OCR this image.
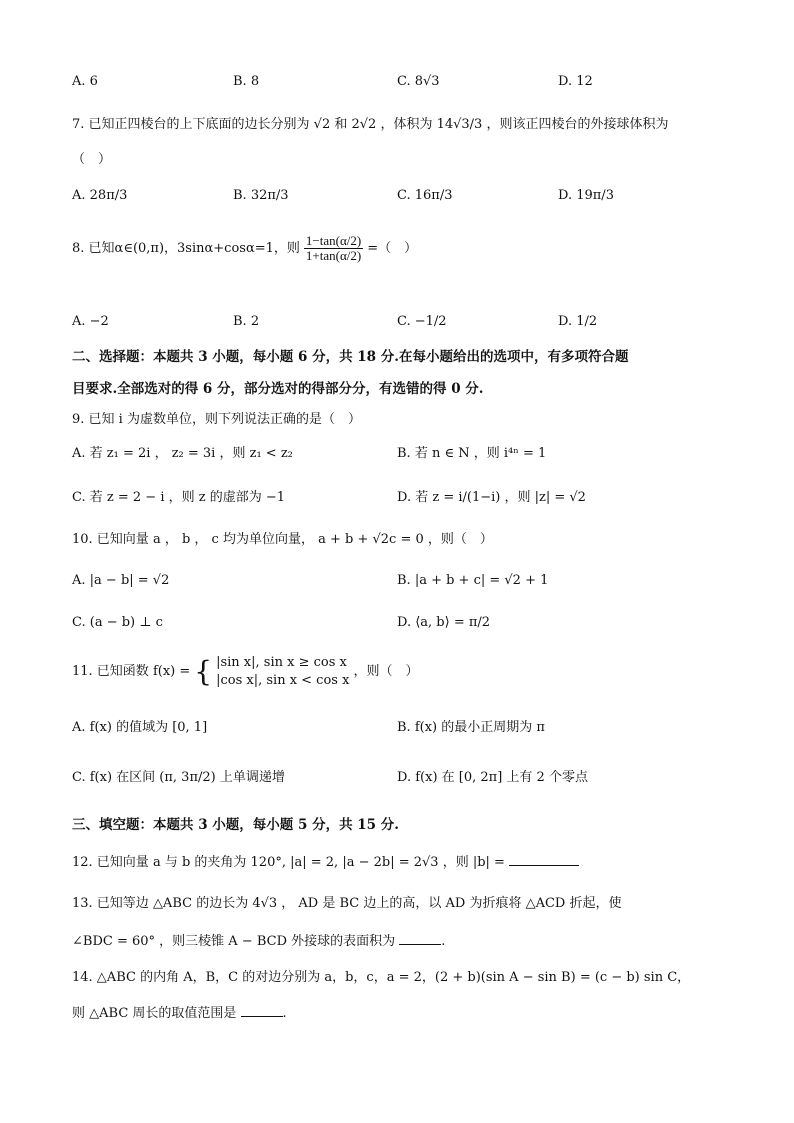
A. 6	B. 8	C. 8√3	D. 12
7. 已知正四棱台的上下底面的边长分别为 √2 和 2√2 ，体积为 14√3/3 ，则该正四棱台的外接球体积为
（　）
A. 28π/3	B. 32π/3	C. 16π/3	D. 19π/3
8. 已知α∈(0,π)，3sinα+cosα=1，则 $\frac{1-\tan(\alpha/2)}{1+\tan(\alpha/2)}$ =（　）
A. −2	B. 2	C. −1/2	D. 1/2
二、选择题：本题共 3 小题，每小题 6 分，共 18 分.在每小题给出的选项中，有多项符合题
目要求.全部选对的得 6 分，部分选对的得部分分，有选错的得 0 分.
9. 已知 i 为虚数单位，则下列说法正确的是（　）
A. 若 z₁ = 2i ， z₂ = 3i ，则 z₁ < z₂	B. 若 n ∈ N ，则 i⁴ⁿ = 1
C. 若 z = 2 − i ，则 z 的虚部为 −1	D. 若 z = i/(1−i) ，则 |z| = √2
10. 已知向量 a ， b ， c 均为单位向量， a + b + √2c = 0 ，则（　）
A. |a − b| = √2	B. |a + b + c| = √2 + 1
C. (a − b) ⊥ c	D. ⟨a, b⟩ = π/2
11. 已知函数 f(x) = { |sin x|, sin x ≥ cos x
|cos x|, sin x < cos x
，则（　）
A. f(x) 的值域为 [0, 1]	B. f(x) 的最小正周期为 π
C. f(x) 在区间 (π, 3π/2) 上单调递增	D. f(x) 在 [0, 2π] 上有 2 个零点
三、填空题：本题共 3 小题，每小题 5 分，共 15 分.
12. 已知向量 a 与 b 的夹角为 120°, |a| = 2, |a − 2b| = 2√3 ，则 |b| =
13. 已知等边 △ABC 的边长为 4√3 ， AD 是 BC 边上的高，以 AD 为折痕将 △ACD 折起，使
∠BDC = 60° ，则三棱锥 A − BCD 外接球的表面积为	.
14. △ABC 的内角 A，B，C 的对边分别为 a，b，c，a = 2，(2 + b)(sin A − sin B) = (c − b) sin C，
则 △ABC 周长的取值范围是	.
